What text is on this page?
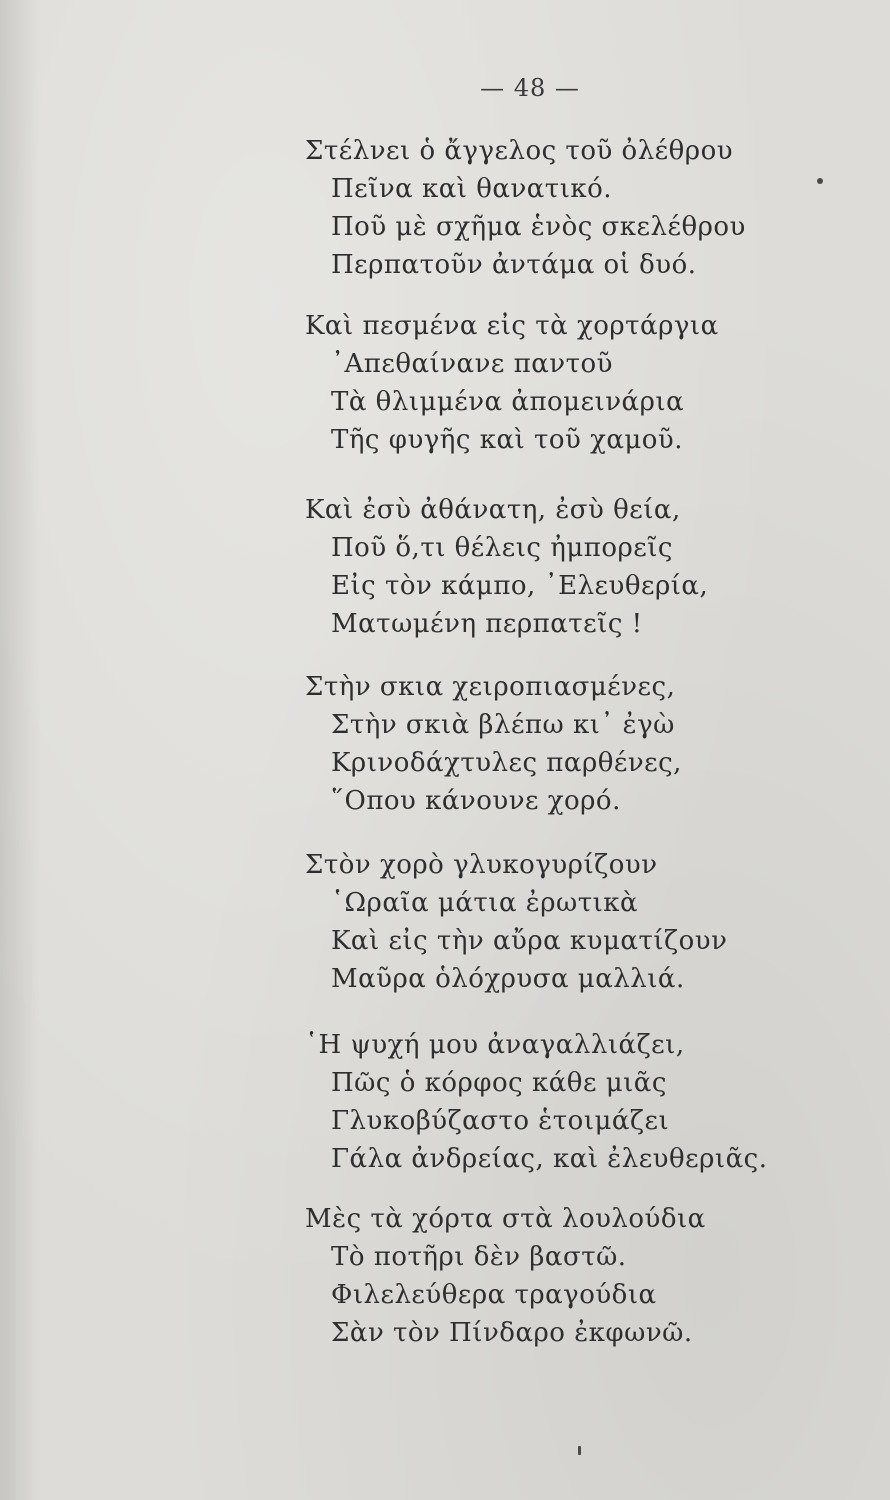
— 48 —
Στέλνει ὁ ἄγγελος τοῦ ὀλέθρου
Πεῖνα καὶ θανατικό.
Ποῦ μὲ σχῆμα ἑνὸς σκελέθρου
Περπατοῦν ἀντάμα οἱ δυό.
Καὶ πεσμένα εἰς τὰ χορτάργια
᾿Απεθαίνανε παντοῦ
Τὰ θλιμμένα ἀπομεινάρια
Τῆς φυγῆς καὶ τοῦ χαμοῦ.
Καὶ ἐσὺ ἀθάνατη, ἐσὺ θεία,
Ποῦ ὅ,τι θέλεις ἠμπορεῖς
Εἰς τὸν κάμπο, ᾿Ελευθερία,
Ματωμένη περπατεῖς !
Στὴν σκια χειροπιασμένες,
Στὴν σκιὰ βλέπω κι᾿ ἐγὼ
Κρινοδάχτυλες παρθένες,
῞Οπου κάνουνε χορό.
Στὸν χορὸ γλυκογυρίζουν
῾Ωραῖα μάτια ἐρωτικὰ
Καὶ εἰς τὴν αὔρα κυματίζουν
Μαῦρα ὁλόχρυσα μαλλιά.
῾Η ψυχή μου ἀναγαλλιάζει,
Πῶς ὁ κόρφος κάθε μιᾶς
Γλυκοβύζαστο ἑτοιμάζει
Γάλα ἀνδρείας, καὶ ἐλευθεριᾶς.
Μὲς τὰ χόρτα στὰ λουλούδια
Τὸ ποτῆρι δὲν βαστῶ.
Φιλελεύθερα τραγούδια
Σὰν τὸν Πίνδαρο ἐκφωνῶ.
